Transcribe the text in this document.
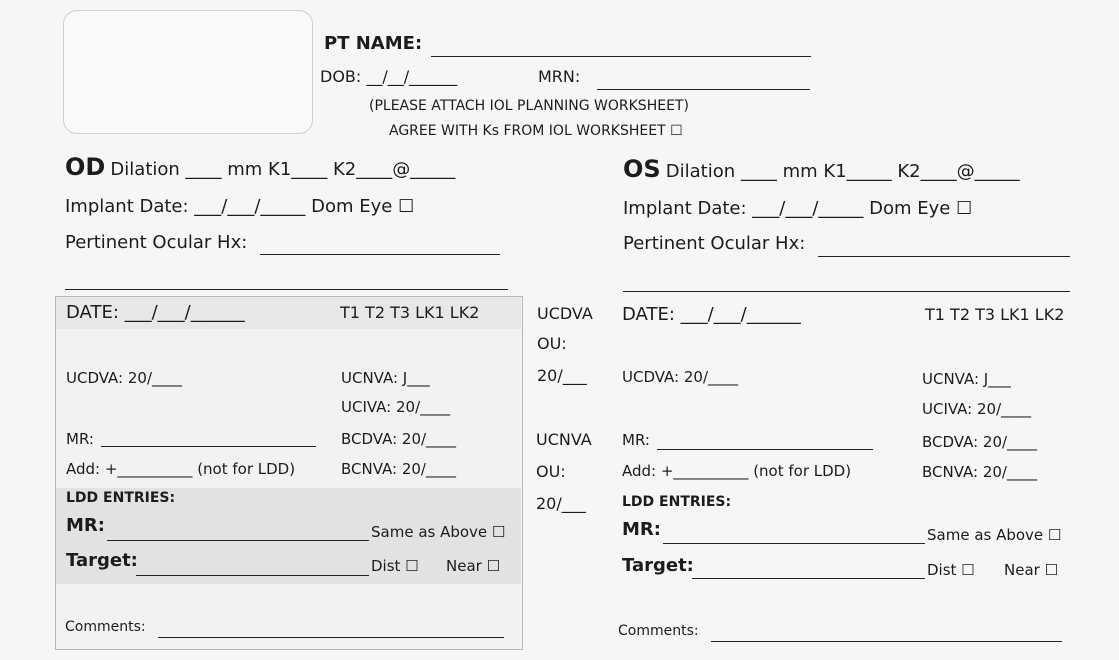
PT NAME:
DOB: __/__/______	MRN:
(PLEASE ATTACH IOL PLANNING WORKSHEET)
AGREE WITH Ks FROM IOL WORKSHEET ☐
OD Dilation ____ mm K1____ K2____@_____
Implant Date: ___/___/_____ Dom Eye ☐
Pertinent Ocular Hx:
OS Dilation ____ mm K1_____ K2____@_____
Implant Date: ___/___/_____ Dom Eye ☐
Pertinent Ocular Hx:
DATE: ___/___/______	T1 T2 T3 LK1 LK2
UCDVA: 20/____	UCNVA: J___
UCIVA: 20/____
MR:	BCDVA: 20/____
Add: +__________ (not for LDD)	BCNVA: 20/____
LDD ENTRIES:
MR:	Same as Above ☐
Target:	Dist ☐ Near ☐
Comments:
UCDVA
OU:
20/___
UCNVA
OU:
20/___
DATE: ___/___/______	T1 T2 T3 LK1 LK2
UCDVA: 20/____	UCNVA: J___
UCIVA: 20/____
MR:	BCDVA: 20/____
Add: +__________ (not for LDD)	BCNVA: 20/____
LDD ENTRIES:
MR:	Same as Above ☐
Target:	Dist ☐ Near ☐
Comments:
